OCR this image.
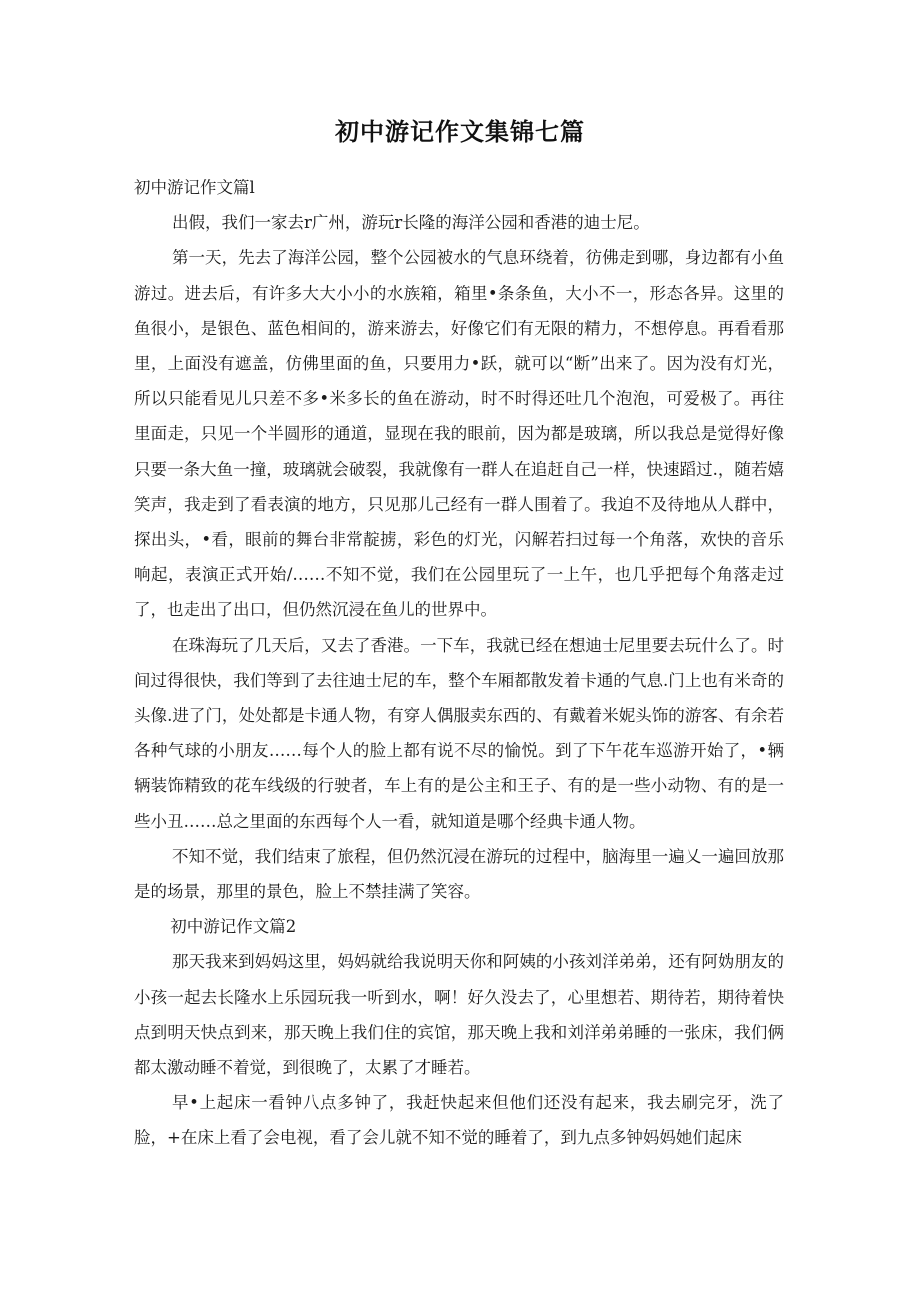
初中游记作文集锦七篇

初中游记作文篇l

出假，我们一家去r广州，游玩r长隆的海洋公园和香港的迪士尼。

第一天，先去了海洋公园，整个公园被水的气息环绕着，彷佛走到哪，身边都有小鱼游过。进去后，有许多大大小小的水族箱，箱里•条条鱼，大小不一，形态各异。这里的鱼很小，是银色、蓝色相间的，游来游去，好像它们有无限的精力，不想停息。再看看那里，上面没有遮盖，仿佛里面的鱼，只要用力•跃，就可以“断”出来了。因为没有灯光，所以只能看见儿只差不多•米多长的鱼在游动，时不时得还吐几个泡泡，可爱极了。再往里面走，只见一个半圆形的通道，显现在我的眼前，因为都是玻璃，所以我总是觉得好像只要一条大鱼一撞，玻璃就会破裂，我就像有一群人在追赶自己一样，快速蹈过.，随若嬉笑声，我走到了看表演的地方，只见那儿己经有一群人围着了。我迫不及待地从人群中，探出头，•看，眼前的舞台非常靛掳，彩色的灯光，闪解若扫过每一个角落，欢快的音乐响起，表演正式开始/……不知不觉，我们在公园里玩了一上午，也几乎把每个角落走过了，也走出了出口，但仍然沉浸在鱼儿的世界中。

在珠海玩了几天后，又去了香港。一下车，我就已经在想迪士尼里要去玩什么了。时间过得很快，我们等到了去往迪士尼的车，整个车厢都散发着卡通的气息.门上也有米奇的头像.进了门，处处都是卡通人物，有穿人偶服卖东西的、有戴着米妮头饰的游客、有余若各种气球的小朋友……每个人的脸上都有说不尽的愉悦。到了下午花车巡游开始了，•辆辆装饰精致的花车线级的行驶者，车上有的是公主和王子、有的是一些小动物、有的是一些小丑……总之里面的东西每个人一看，就知道是哪个经典卡通人物。

不知不觉，我们结束了旅程，但仍然沉浸在游玩的过程中，脑海里一遍乂一遍回放那是的场景，那里的景色，脸上不禁挂满了笑容。

初中游记作文篇2

那天我来到妈妈这里，妈妈就给我说明天你和阿姨的小孩刘洋弟弟，还有阿妫朋友的小孩一起去长隆水上乐园玩我一听到水，啊！好久没去了，心里想若、期待若，期待着快点到明天快点到来，那天晚上我们住的宾馆，那天晚上我和刘洋弟弟睡的一张床，我们俩都太激动睡不着觉，到很晚了，太累了才睡若。

早•上起床一看钟八点多钟了，我赶快起来但他们还没有起来，我去刷完牙，洗了脸，+在床上看了会电视，看了会儿就不知不觉的睡着了，到九点多钟妈妈她们起床
